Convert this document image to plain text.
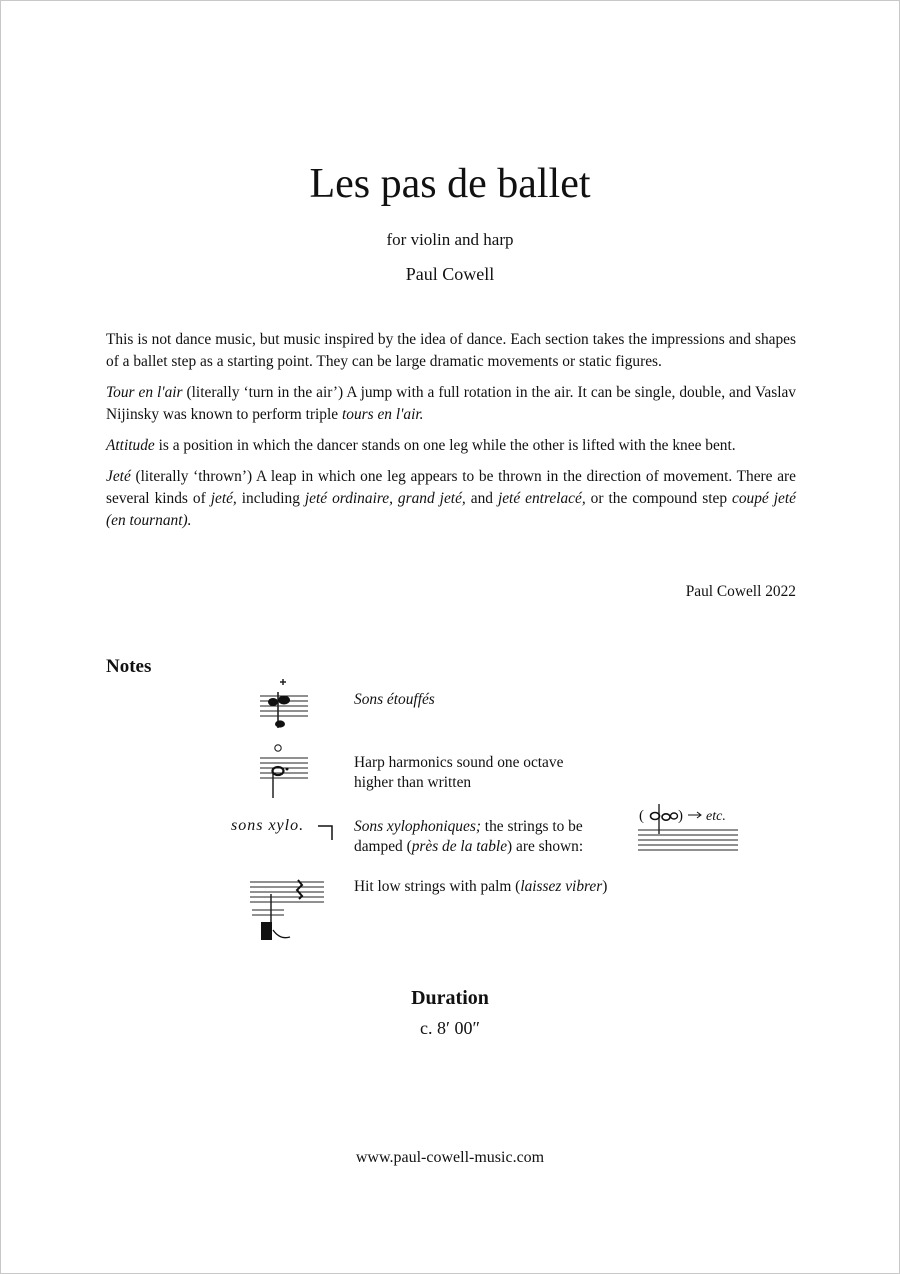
Les pas de ballet
for violin and harp
Paul Cowell

This is not dance music, but music inspired by the idea of dance. Each section takes the impressions and shapes of a ballet step as a starting point. They can be large dramatic movements or static figures.

Tour en l'air (literally ‘turn in the air’) A jump with a full rotation in the air. It can be single, double, and Vaslav Nijinsky was known to perform triple tours en l'air.

Attitude is a position in which the dancer stands on one leg while the other is lifted with the knee bent.

Jeté (literally ‘thrown’) A leap in which one leg appears to be thrown in the direction of movement. There are several kinds of jeté, including jeté ordinaire, grand jeté, and jeté entrelacé, or the compound step coupé jeté (en tournant).

Paul Cowell 2022
Notes
Sons étouffés
Harp harmonics sound one octave
higher than written
sons xylo.	Sons xylophoniques; the strings to be

damped (près de la table) are shown:
( ) etc.
Hit low strings with palm (laissez vibrer)
Duration
c. 8′ 00″
www.paul-cowell-music.com
